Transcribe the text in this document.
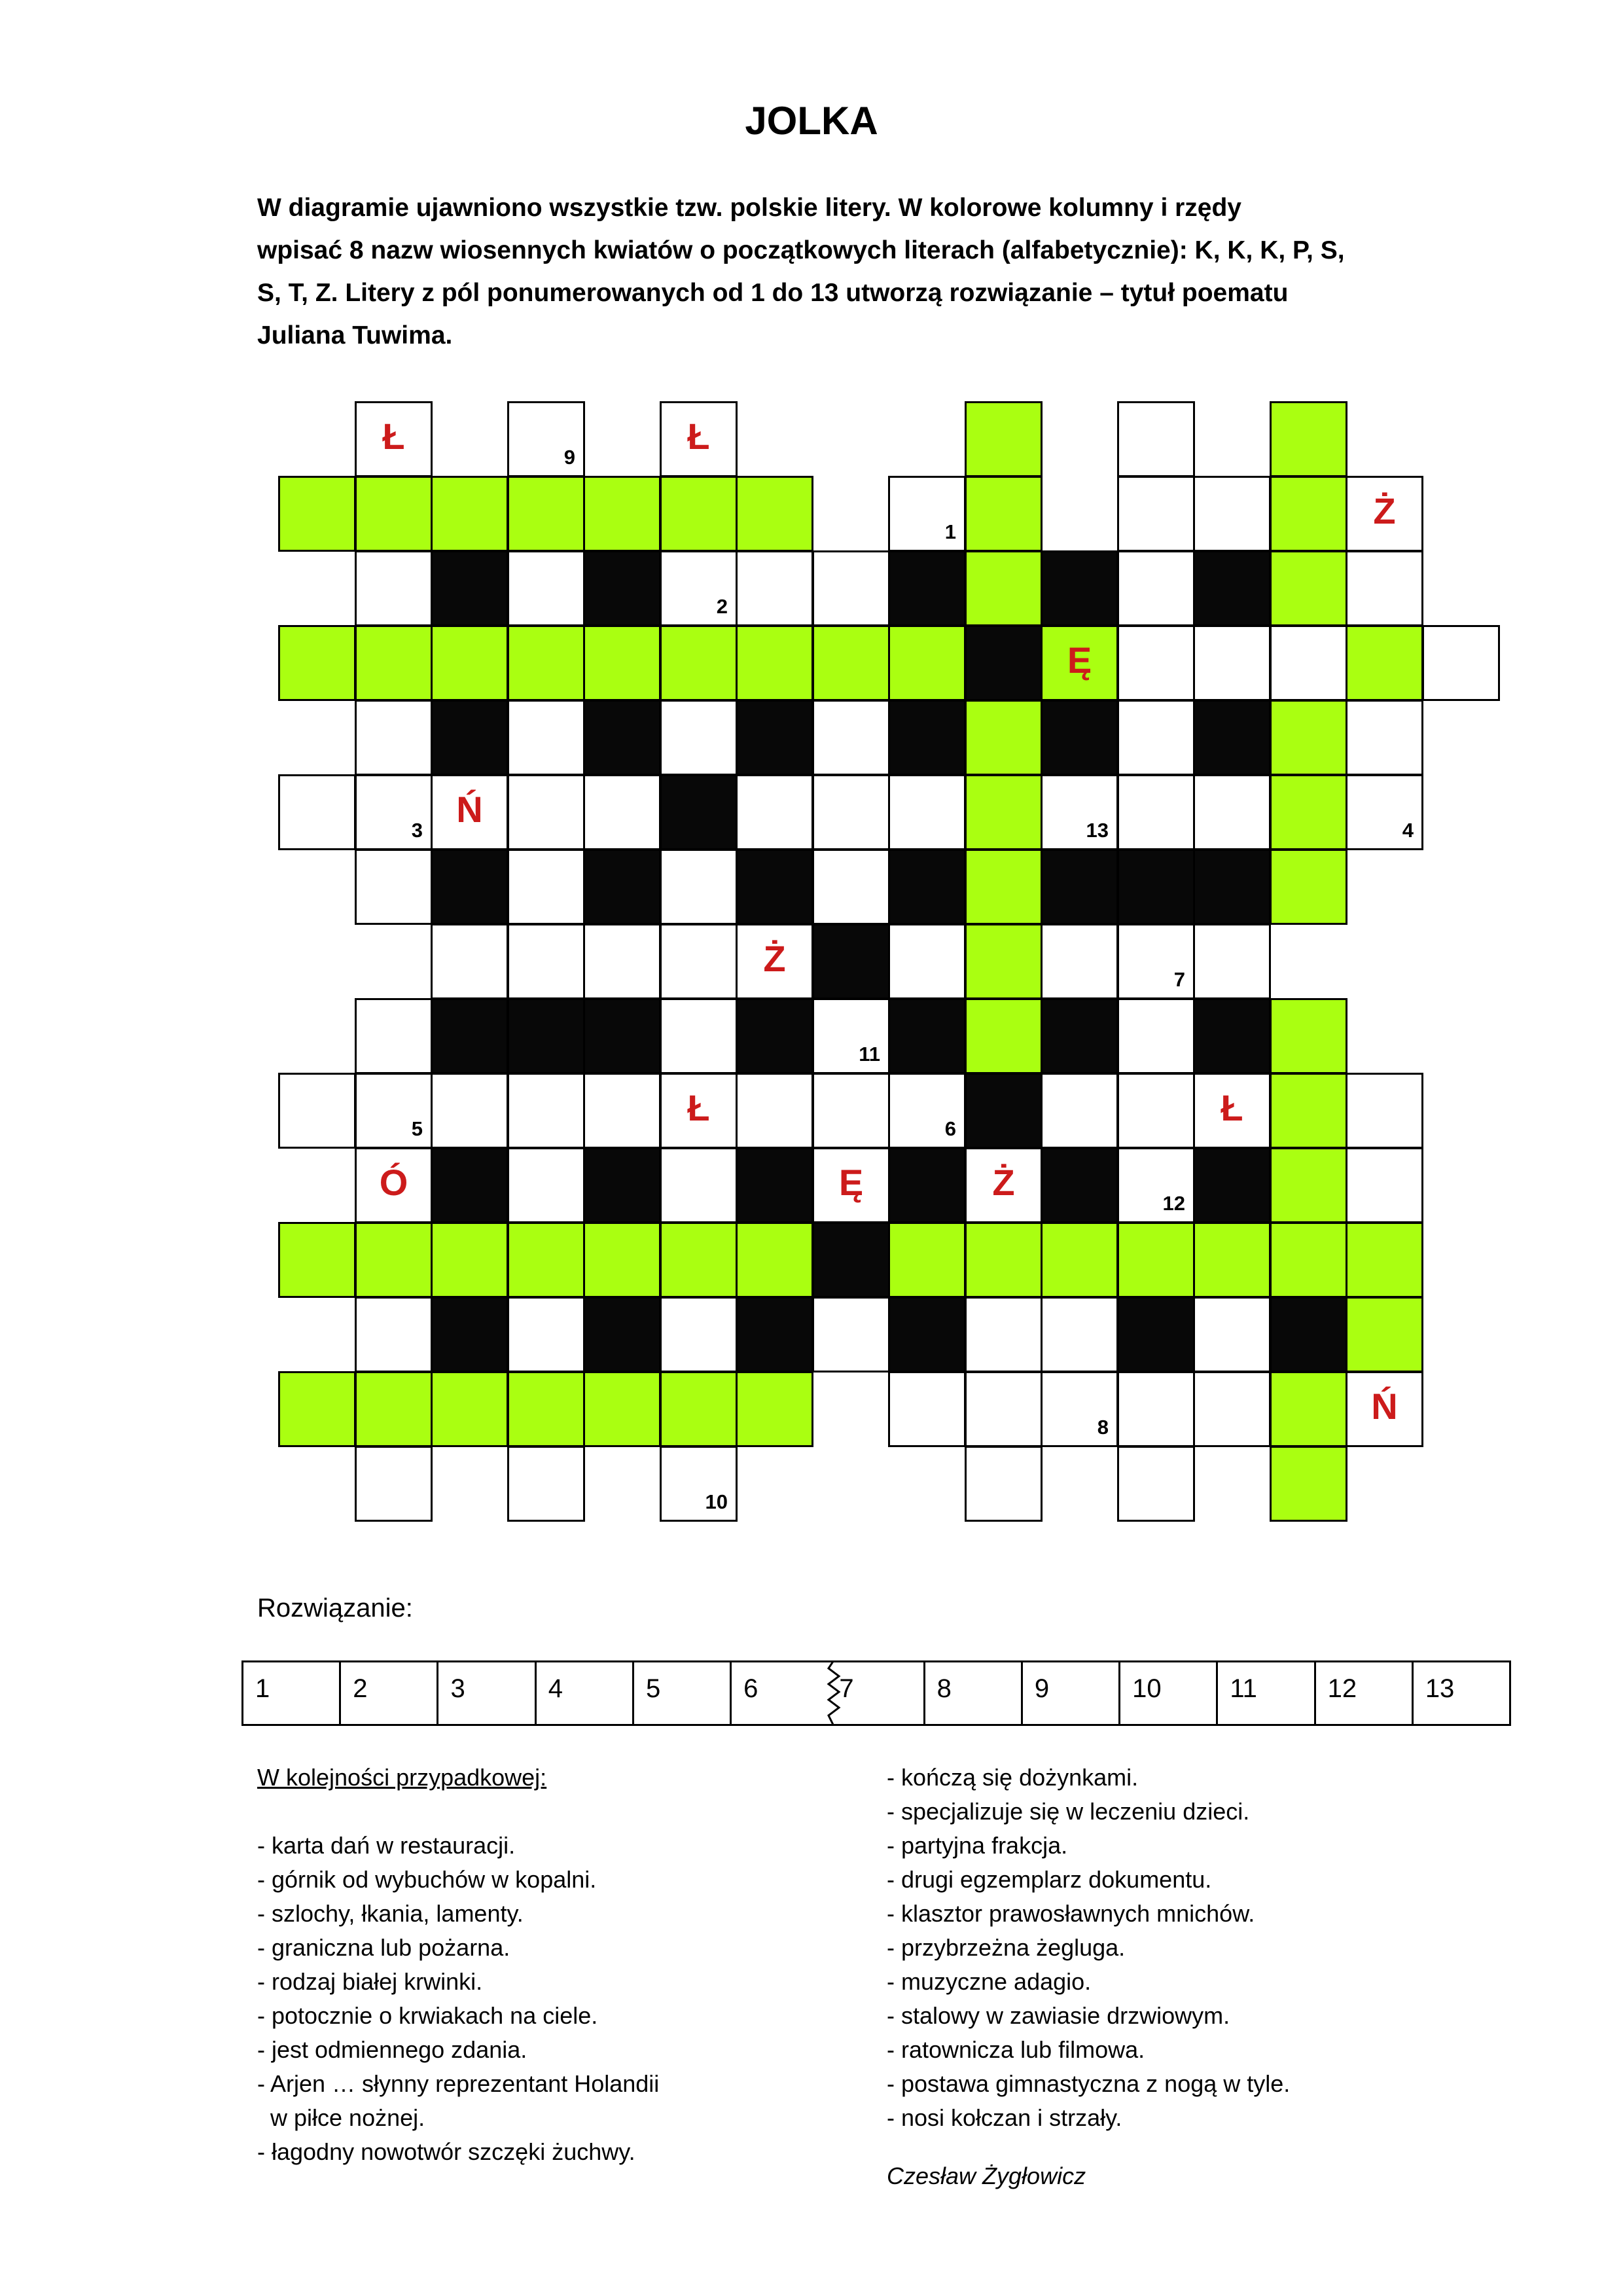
JOLKA
W diagramie ujawniono wszystkie tzw. polskie litery. W kolorowe kolumny i rzędy
wpisać 8 nazw wiosennych kwiatów o początkowych literach (alfabetycznie): K, K, K, P, S,
S, T, Z. Litery z pól ponumerowanych od 1 do 13 utworzą rozwiązanie – tytuł poematu
Juliana Tuwima.
Ł
9
Ł
1
Ż
2
Ę
3
Ń
13	4
Ż
7
11
5
Ł
6
Ł
Ó	Ę	Ż
12
8
Ń
10
Rozwiązanie:
1	2	3	4	5	6	7	8	9	10	11	12	13
W kolejności przypadkowej:
- karta dań w restauracji.
- górnik od wybuchów w kopalni.
- szlochy, łkania, lamenty.
- graniczna lub pożarna.
- rodzaj białej krwinki.
- potocznie o krwiakach na ciele.
- jest odmiennego zdania.
- Arjen … słynny reprezentant Holandii
w piłce nożnej.
- łagodny nowotwór szczęki żuchwy.
- kończą się dożynkami.
- specjalizuje się w leczeniu dzieci.
- partyjna frakcja.
- drugi egzemplarz dokumentu.
- klasztor prawosławnych mnichów.
- przybrzeżna żegluga.
- muzyczne adagio.
- stalowy w zawiasie drzwiowym.
- ratownicza lub filmowa.
- postawa gimnastyczna z nogą w tyle.
- nosi kołczan i strzały.
Czesław Żygłowicz
